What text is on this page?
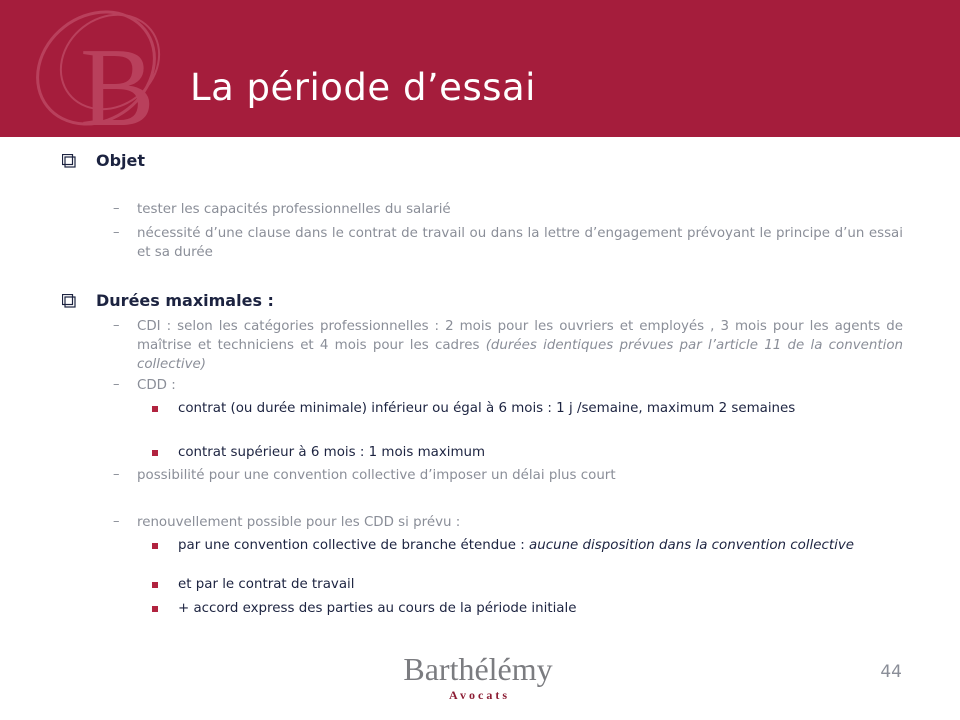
B La période d’essai
Objet
–	tester les capacités professionnelles du salarié
–	nécessité d’une clause dans le contrat de travail ou dans la lettre d’engagement prévoyant le principe d’un essai et sa durée
Durées maximales :
–	CDI : selon les catégories professionnelles : 2 mois pour les ouvriers et employés , 3 mois pour les agents de maîtrise et techniciens et 4 mois pour les cadres (durées identiques prévues par l’article 11 de la convention collective)
–	CDD :
contrat (ou durée minimale) inférieur ou égal à 6 mois : 1 j /semaine, maximum 2 semaines
contrat supérieur à 6 mois : 1 mois maximum
–	possibilité pour une convention collective d’imposer un délai plus court
–	renouvellement possible pour les CDD si prévu :
par une convention collective de branche étendue : aucune disposition dans la convention collective
et par le contrat de travail
+ accord express des parties au cours de la période initiale
Barthélémy
A v o c a t s
44
